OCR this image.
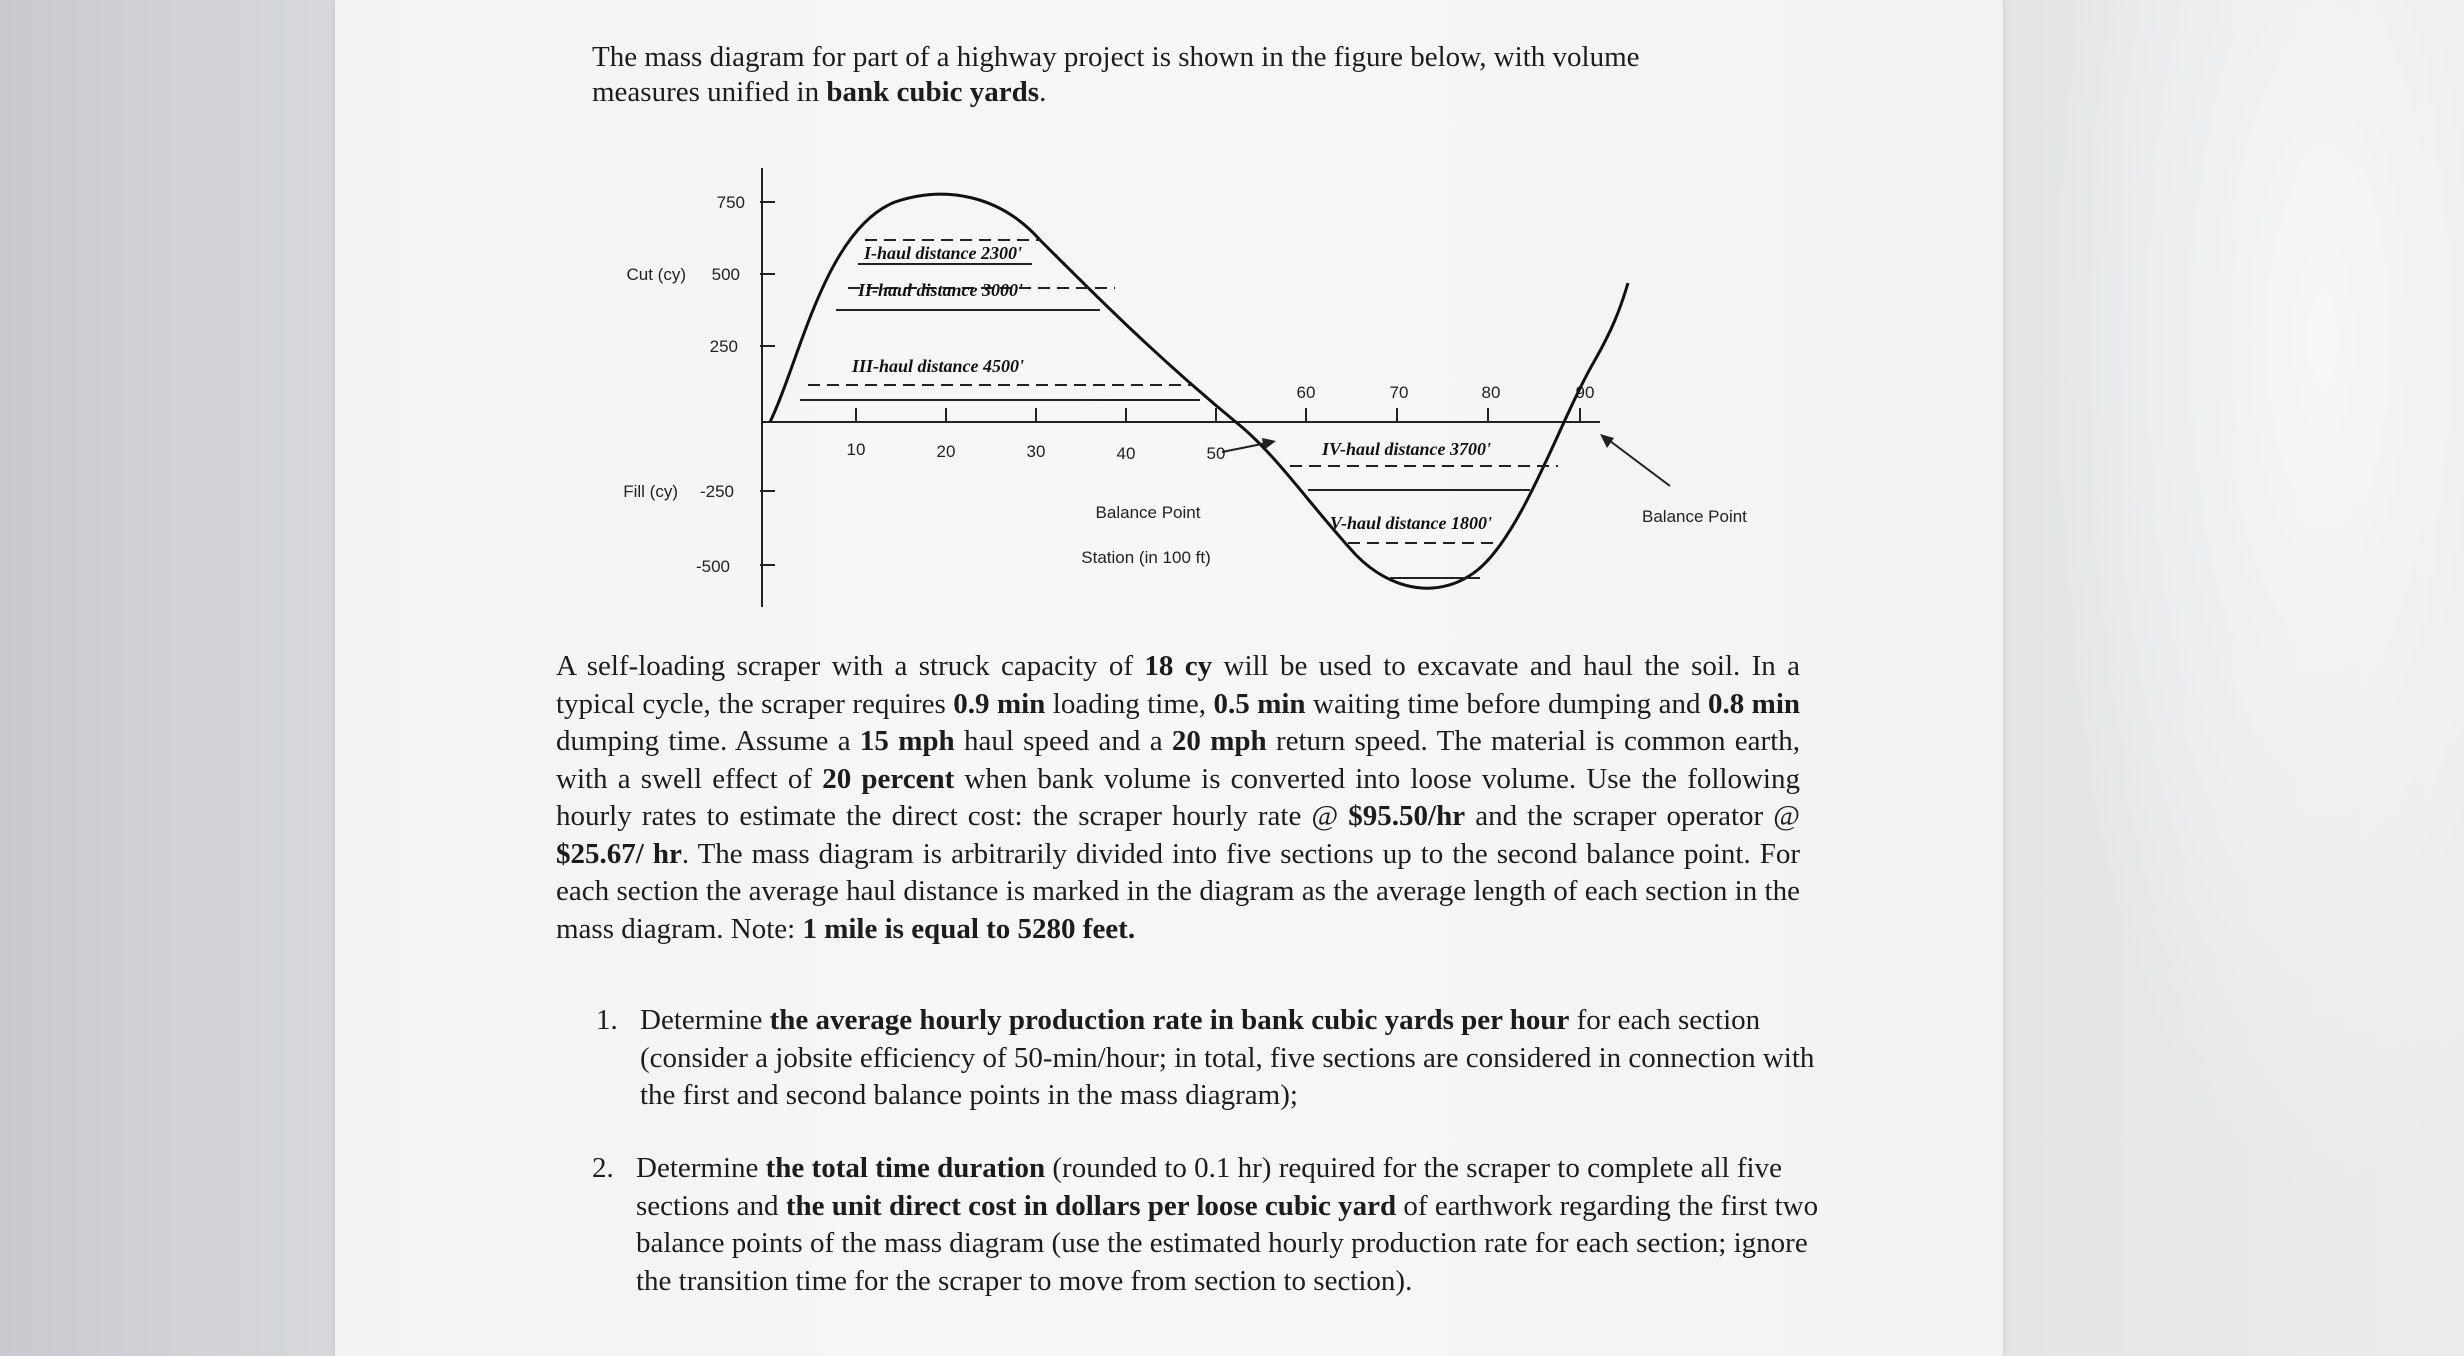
The mass diagram for part of a highway project is shown in the figure below, with volume measures unified in bank cubic yards.

750
500
250
-250
-500
Cut (cy)
Fill (cy)
10	20	30	40	50
60	70	80	90
Station (in 100 ft)
I-haul distance 2300'
II-haul distance 3000'
III-haul distance 4500'
IV-haul distance 3700'
V-haul distance 1800'
Balance Point	Balance Point

A self-loading scraper with a struck capacity of 18 cy will be used to excavate and haul the soil. In a typical cycle, the scraper requires 0.9 min loading time, 0.5 min waiting time before dumping and 0.8 min dumping time. Assume a 15 mph haul speed and a 20 mph return speed. The material is common earth, with a swell effect of 20 percent when bank volume is converted into loose volume. Use the following hourly rates to estimate the direct cost: the scraper hourly rate @ $95.50/hr and the scraper operator @ $25.67/ hr. The mass diagram is arbitrarily divided into five sections up to the second balance point. For each section the average haul distance is marked in the diagram as the average length of each section in the mass diagram. Note: 1 mile is equal to 5280 feet.

1. Determine the average hourly production rate in bank cubic yards per hour for each section (consider a jobsite efficiency of 50-min/hour; in total, five sections are considered in connection with the first and second balance points in the mass diagram);
2. Determine the total time duration (rounded to 0.1 hr) required for the scraper to complete all five sections and the unit direct cost in dollars per loose cubic yard of earthwork regarding the first two balance points of the mass diagram (use the estimated hourly production rate for each section; ignore the transition time for the scraper to move from section to section).
